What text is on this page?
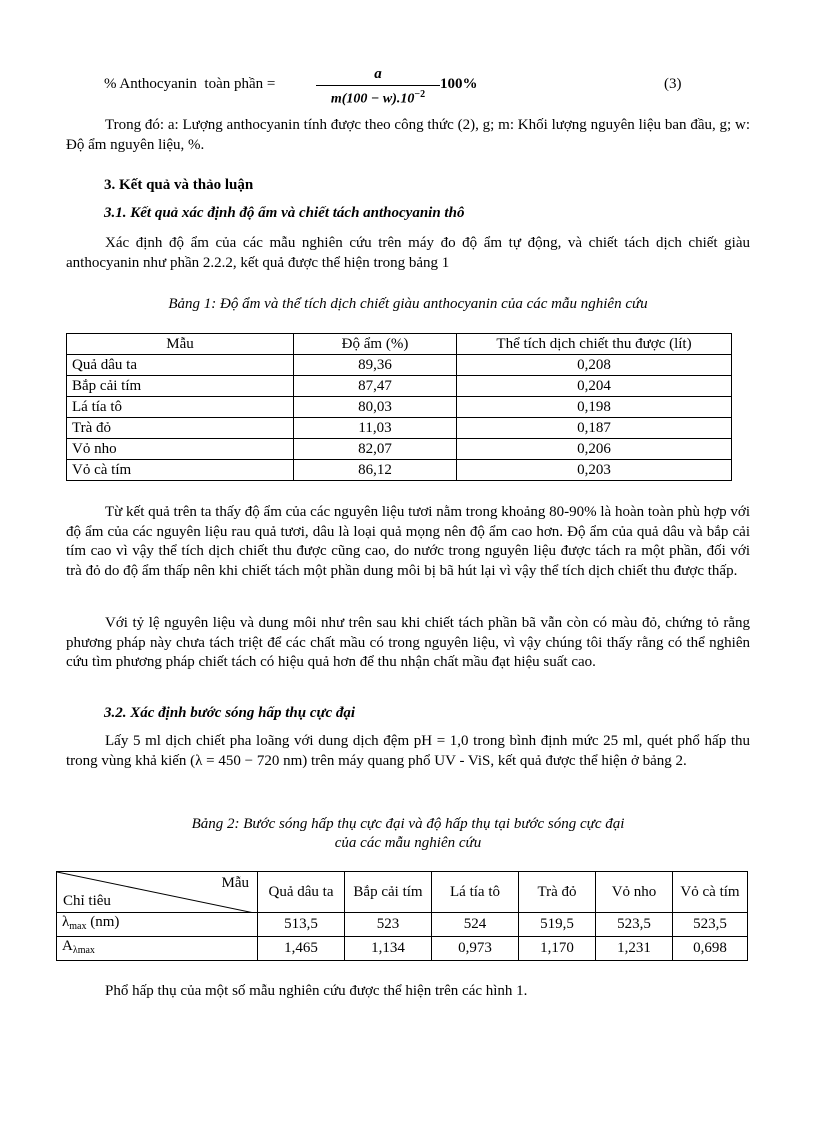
% Anthocyanin  toàn phần =
a
$m(100 - w).10^{-2}$
100%	(3)

Trong đó: a: Lượng anthocyanin tính được theo công thức (2), g; m: Khối lượng nguyên liệu ban đầu, g; w: Độ ẩm nguyên liệu, %.

3. Kết quả và thảo luận

3.1. Kết quả xác định độ ẩm và chiết tách anthocyanin thô

Xác định độ ẩm của các mẫu nghiên cứu trên máy đo độ ẩm tự động, và chiết tách dịch chiết giàu anthocyanin như phần 2.2.2, kết quả được thể hiện trong bảng 1

Bảng 1: Độ ẩm và thể tích dịch chiết giàu anthocyanin của các mẫu nghiên cứu

Mẫu	Độ ẩm (%)	Thể tích dịch chiết thu được (lít)
Quả dâu ta	89,36	0,208
Bắp cải tím	87,47	0,204
Lá tía tô	80,03	0,198
Trà đỏ	11,03	0,187
Vỏ nho	82,07	0,206
Vỏ cà tím	86,12	0,203

Từ kết quả trên ta thấy độ ẩm của các nguyên liệu tươi nằm trong khoảng 80-90% là hoàn toàn phù hợp với độ ẩm của các nguyên liệu rau quả tươi, dâu là loại quả mọng nên độ ẩm cao hơn. Độ ẩm của quả dâu và bắp cải tím cao vì vậy thể tích dịch chiết thu được cũng cao, do nước trong nguyên liệu được tách ra một phần, đối với trà đỏ do độ ẩm thấp nên khi chiết tách một phần dung môi bị bã hút lại vì vậy thể tích dịch chiết thu được thấp.

Với tỷ lệ nguyên liệu và dung môi như trên sau khi chiết tách phần bã vẫn còn có màu đỏ, chứng tỏ rằng phương pháp này chưa tách triệt để các chất mầu có trong nguyên liệu, vì vậy chúng tôi thấy rằng có thể nghiên cứu tìm phương pháp chiết tách có hiệu quả hơn để thu nhận chất mầu đạt hiệu suất cao.

3.2. Xác định bước sóng hấp thụ cực đại

Lấy 5 ml dịch chiết pha loãng với dung dịch đệm pH = 1,0 trong bình định mức 25 ml, quét phổ hấp thu trong vùng khả kiến (λ = 450 − 720 nm) trên máy quang phổ UV - ViS, kết quả được thể hiện ở bảng 2.

Bảng 2: Bước sóng hấp thụ cực đại và độ hấp thụ tại bước sóng cực đại

của các mẫu nghiên cứu

Mẫu
Chỉ tiêu	Quả dâu ta	Bắp cải tím	Lá tía tô	Trà đỏ	Vỏ nho	Vỏ cà tím
$\lambda_{max}$ (nm)	513,5	523	524	519,5	523,5	523,5
$A_{\lambda max}$	1,465	1,134	0,973	1,170	1,231	0,698

Phổ hấp thụ của một số mẫu nghiên cứu được thể hiện trên các hình 1.
